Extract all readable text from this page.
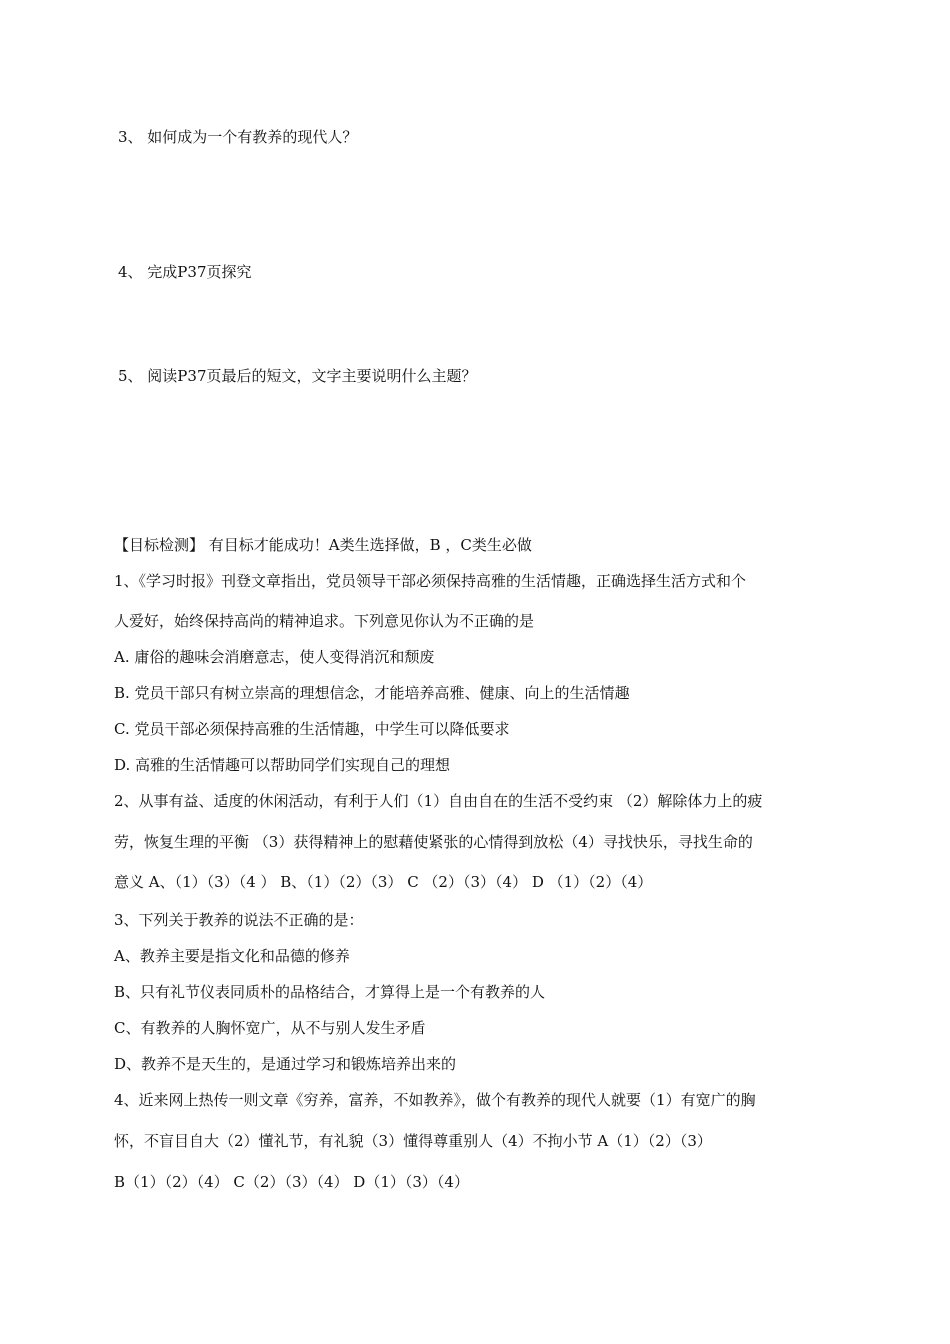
3、 如何成为一个有教养的现代人？
4、 完成P37页探究
5、 阅读P37页最后的短文，文字主要说明什么主题？
【目标检测】 有目标才能成功！A类生选择做，B ，C类生必做
1、《学习时报》刊登文章指出，党员领导干部必须保持高雅的生活情趣，正确选择生活方式和个
人爱好，始终保持高尚的精神追求。下列意见你认为不正确的是
A. 庸俗的趣味会消磨意志，使人变得消沉和颓废
B. 党员干部只有树立崇高的理想信念，才能培养高雅、健康、向上的生活情趣
C. 党员干部必须保持高雅的生活情趣，中学生可以降低要求
D. 高雅的生活情趣可以帮助同学们实现自己的理想
2、从事有益、适度的休闲活动，有利于人们（1）自由自在的生活不受约束 （2）解除体力上的疲
劳，恢复生理的平衡 （3）获得精神上的慰藉使紧张的心情得到放松（4）寻找快乐，寻找生命的
意义 A、（1）（3）（4 ） B、（1）（2）（3） C （2）（3）（4） D （1）（2）（4）
3、下列关于教养的说法不正确的是：
A、教养主要是指文化和品德的修养
B、只有礼节仪表同质朴的品格结合，才算得上是一个有教养的人
C、有教养的人胸怀宽广，从不与别人发生矛盾
D、教养不是天生的，是通过学习和锻炼培养出来的
4、近来网上热传一则文章《穷养，富养，不如教养》，做个有教养的现代人就要（1）有宽广的胸
怀，不盲目自大（2）懂礼节，有礼貌（3）懂得尊重别人（4）不拘小节 A（1）（2）（3）
B（1）（2）（4） C（2）（3）（4） D（1）（3）（4）
